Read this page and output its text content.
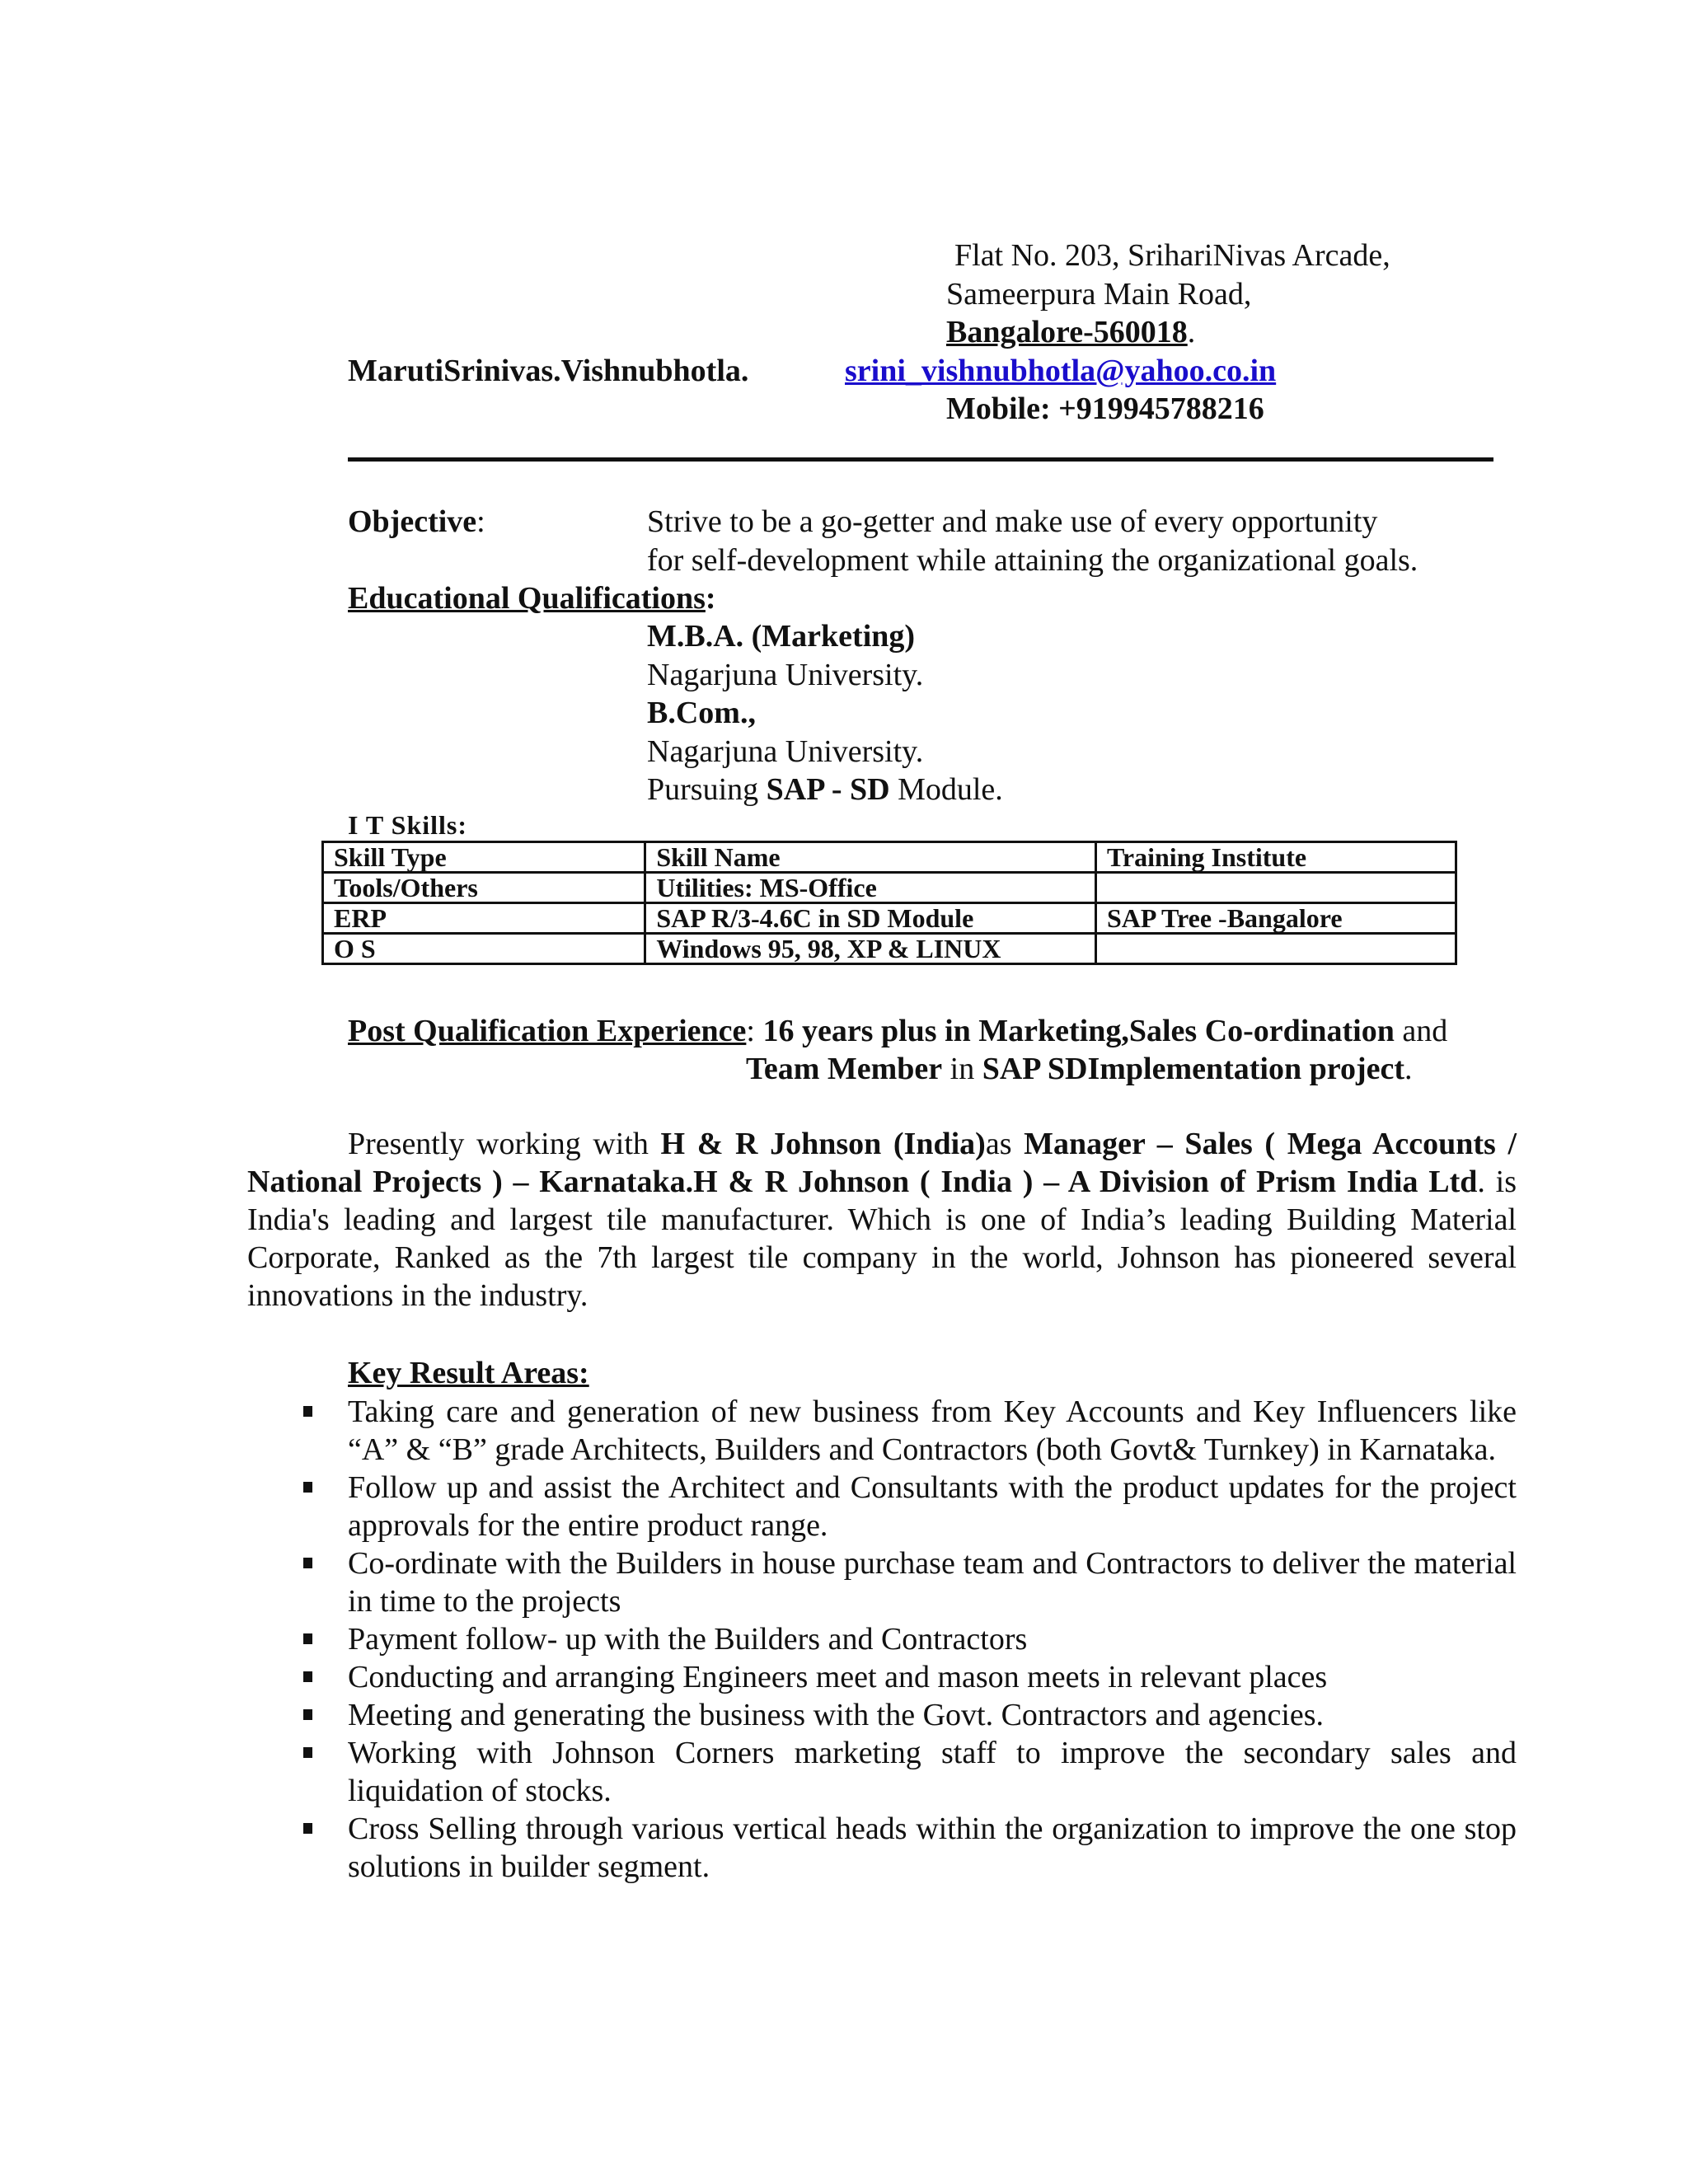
Flat No. 203, SrihariNivas Arcade,
Sameerpura Main Road,
Bangalore-560018.
MarutiSrinivas.Vishnubhotla.	srini_vishnubhotla@yahoo.co.in
Mobile: +919945788216
Objective:	Strive to be a go-getter and make use of every opportunity
for self-development while attaining the organizational goals.
Educational Qualifications:
M.B.A. (Marketing)
Nagarjuna University.
B.Com.,
Nagarjuna University.
Pursuing SAP - SD Module.
I T Skills:
Skill Type	Skill Name	Training Institute
Tools/Others	Utilities: MS-Office	
ERP	SAP R/3-4.6C in SD Module	SAP Tree -Bangalore
O S	Windows 95, 98, XP & LINUX	
Post Qualification Experience: 16 years plus in Marketing,Sales Co-ordination and
Team Member in SAP SDImplementation project.
Presently working with H & R Johnson (India)as Manager – Sales ( Mega Accounts / National Projects ) – Karnataka.H & R Johnson ( India ) – A Division of Prism India Ltd. is India's leading and largest tile manufacturer. Which is one of India’s leading Building Material Corporate, Ranked as the 7th largest tile company in the world, Johnson has pioneered several innovations in the industry.
Key Result Areas:
Taking care and generation of new business from Key Accounts and Key Influencers like “A” & “B” grade Architects, Builders and Contractors (both Govt& Turnkey) in Karnataka.
Follow up and assist the Architect and Consultants with the product updates for the project approvals for the entire product range.
Co-ordinate with the Builders in house purchase team and Contractors to deliver the material in time to the projects
Payment follow- up with the Builders and Contractors
Conducting and arranging Engineers meet and mason meets in relevant places
Meeting and generating the business with the Govt. Contractors and agencies.
Working with Johnson Corners marketing staff to improve the secondary sales and liquidation of stocks.
Cross Selling through various vertical heads within the organization to improve the one stop solutions in builder segment.
